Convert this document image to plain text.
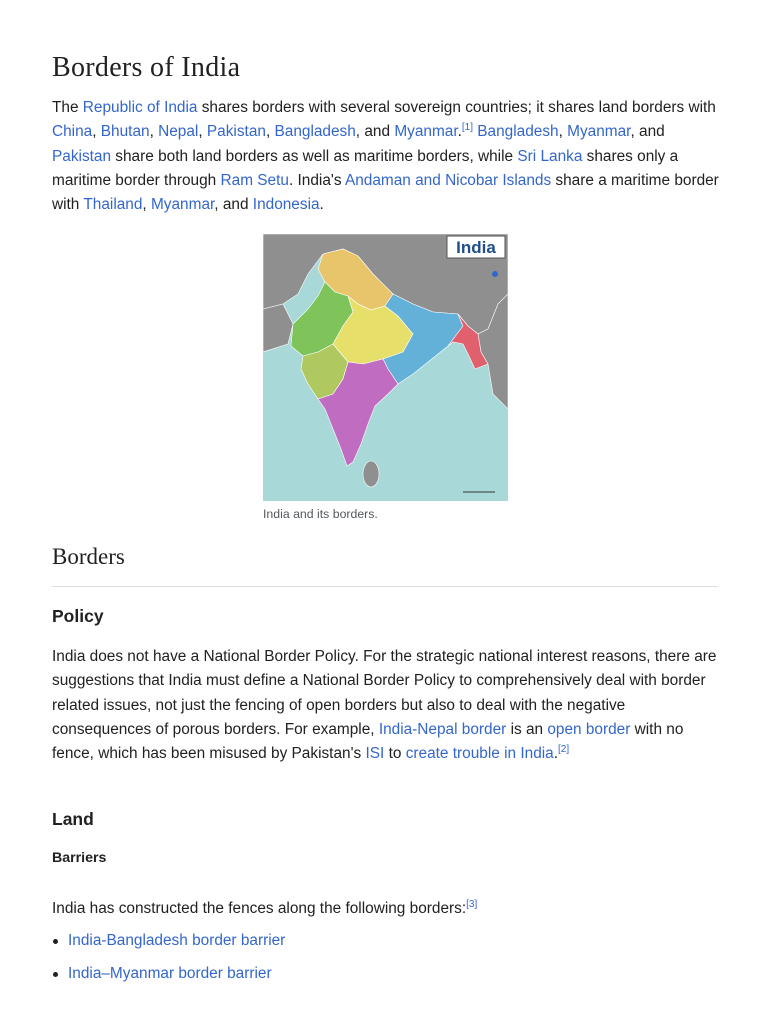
Borders of India

The Republic of India shares borders with several sovereign countries; it shares land borders with China, Bhutan, Nepal, Pakistan, Bangladesh, and Myanmar.[1] Bangladesh, Myanmar, and Pakistan share both land borders as well as maritime borders, while Sri Lanka shares only a maritime border through Ram Setu. India's Andaman and Nicobar Islands share a maritime border with Thailand, Myanmar, and Indonesia.

India
India and its borders.
Borders
Policy

India does not have a National Border Policy. For the strategic national interest reasons, there are suggestions that India must define a National Border Policy to comprehensively deal with border related issues, not just the fencing of open borders but also to deal with the negative consequences of porous borders. For example, India-Nepal border is an open border with no fence, which has been misused by Pakistan's ISI to create trouble in India.[2]

Land
Barriers

India has constructed the fences along the following borders:[3]

India-Bangladesh border barrier
India–Myanmar border barrier
